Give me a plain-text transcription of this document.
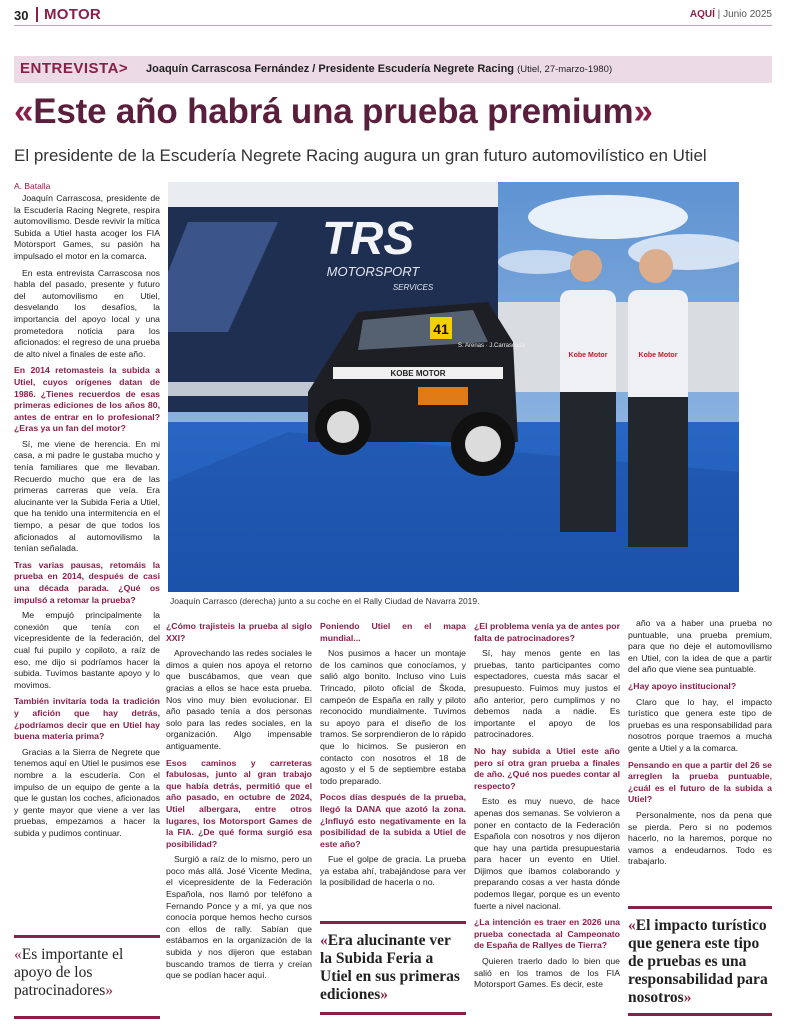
30 MOTOR	AQUÍ | Junio 2025
ENTREVISTA> Joaquín Carrascosa Fernández / Presidente Escudería Negrete Racing (Utiel, 27-marzo-1980)
«Este año habrá una prueba premium»
El presidente de la Escudería Negrete Racing augura un gran futuro automovilístico en Utiel
A. Batalla

Joaquín Carrascosa, presidente de la Escudería Racing Negrete, respira automovilismo. Desde revivir la mítica Subida a Utiel hasta acoger los FIA Motorsport Games, su pasión ha impulsado el motor en la comarca.

En esta entrevista Carrascosa nos habla del pasado, presente y futuro del automovilismo en Utiel, desvelando los desafíos, la importancia del apoyo local y una prometedora noticia para los aficionados: el regreso de una prueba de alto nivel a finales de este año.

En 2014 retomasteis la subida a Utiel, cuyos orígenes datan de 1986. ¿Tienes recuerdos de esas primeras ediciones de los años 80, antes de entrar en lo profesional? ¿Eras ya un fan del motor?

Sí, me viene de herencia. En mi casa, a mi padre le gustaba mucho y tenía familiares que me llevaban. Recuerdo mucho que era de las primeras carreras que veía. Era alucinante ver la Subida Feria a Utiel, que ha tenido una intermitencia en el tiempo, a pesar de que todos los aficionados al automovilismo la tenían señalada.

Tras varias pausas, retomáis la prueba en 2014, después de casi una década parada. ¿Qué os impulsó a retomar la prueba?

Me empujó principalmente la conexión que tenía con el vicepresidente de la federación, del cual fui pupilo y copiloto, a raíz de eso, me dijo si podríamos hacer la subida. Tuvimos bastante apoyo y lo movimos.

También invitaría toda la tradición y afición que hay detrás, ¿podríamos decir que en Utiel hay buena materia prima?

Gracias a la Sierra de Negrete que tenemos aquí en Utiel le pusimos ese nombre a la escudería. Con el impulso de un equipo de gente a la que le gustan los coches, aficionados y gente mayor que viene a ver las pruebas, empezamos a hacer la subida y pudimos continuar.

TRS
MOTORSPORT
SERVICES
KOBE MOTOR
41
S. Arenas · J.Carrascosa
Kobe Motor	Kobe Motor
Joaquín Carrasco (derecha) junto a su coche en el Rally Ciudad de Navarra 2019.

¿Cómo trajisteis la prueba al siglo XXI?

Aprovechando las redes sociales le dimos a quien nos apoya el retorno que buscábamos, que vean que gracias a ellos se hace esta prueba. Nos vino muy bien evolucionar. El año pasado tenía a dos personas solo para las redes sociales, en la organización. Algo impensable antiguamente.

Esos caminos y carreteras fabulosas, junto al gran trabajo que había detrás, permitió que el año pasado, en octubre de 2024, Utiel albergara, entre otros lugares, los Motorsport Games de la FIA. ¿De qué forma surgió esa posibilidad?

Surgió a raíz de lo mismo, pero un poco más allá. José Vicente Medina, el vicepresidente de la Federación Española, nos llamó por teléfono a Fernando Ponce y a mí, ya que nos conocía porque hemos hecho cursos con ellos de rally. Sabían que estábamos en la organización de la subida y nos dijeron que estaban buscando tramos de tierra y creían que se podían hacer aquí.

Poniendo Utiel en el mapa mundial...

Nos pusimos a hacer un montaje de los caminos que conocíamos, y salió algo bonito. Incluso vino Luis Trincado, piloto oficial de Škoda, campeón de España en rally y piloto reconocido mundialmente. Tuvimos su apoyo para el diseño de los tramos. Se sorprendieron de lo rápido que lo hicimos. Se pusieron en contacto con nosotros el 18 de agosto y el 5 de septiembre estaba todo preparado.

Pocos días después de la prueba, llegó la DANA que azotó la zona. ¿Influyó esto negativamente en la posibilidad de la subida a Utiel de este año?

Fue el golpe de gracia. La prueba ya estaba ahí, trabajándose para ver la posibilidad de hacerla o no.

¿El problema venía ya de antes por falta de patrocinadores?

Sí, hay menos gente en las pruebas, tanto participantes como espectadores, cuesta más sacar el presupuesto. Fuimos muy justos el año anterior, pero cumplimos y no debemos nada a nadie. Es importante el apoyo de los patrocinadores.

No hay subida a Utiel este año pero sí otra gran prueba a finales de año. ¿Qué nos puedes contar al respecto?

Esto es muy nuevo, de hace apenas dos semanas. Se volvieron a poner en contacto de la Federación Española con nosotros y nos dijeron que hay una partida presupuestaria para hacer un evento en Utiel. Dijimos que íbamos colaborando y preparando cosas a ver hasta dónde podemos llegar, porque es un evento fuerte a nivel nacional.

¿La intención es traer en 2026 una prueba conectada al Campeonato de España de Rallyes de Tierra?

Quieren traerlo dado lo bien que salió en los tramos de los FIA Motorsport Games. Es decir, este

año va a haber una prueba no puntuable, una prueba premium, para que no deje el automovilismo en Utiel, con la idea de que a partir del año que viene sea puntuable.

¿Hay apoyo institucional?

Claro que lo hay, el impacto turístico que genera este tipo de pruebas es una responsabilidad para nosotros porque traemos a mucha gente a Utiel y a la comarca.

Pensando en que a partir del 26 se arreglen la prueba puntuable, ¿cuál es el futuro de la subida a Utiel?

Personalmente, nos da pena que se pierda. Pero si no podemos hacerlo, no la haremos, porque no vamos a endeudarnos. Todo es trabajarlo.

«Es importante el apoyo de los patrocinadores»
«Era alucinante ver la Subida Feria a Utiel en sus primeras ediciones»
«El impacto turístico que genera este tipo de pruebas es una responsabilidad para nosotros»
